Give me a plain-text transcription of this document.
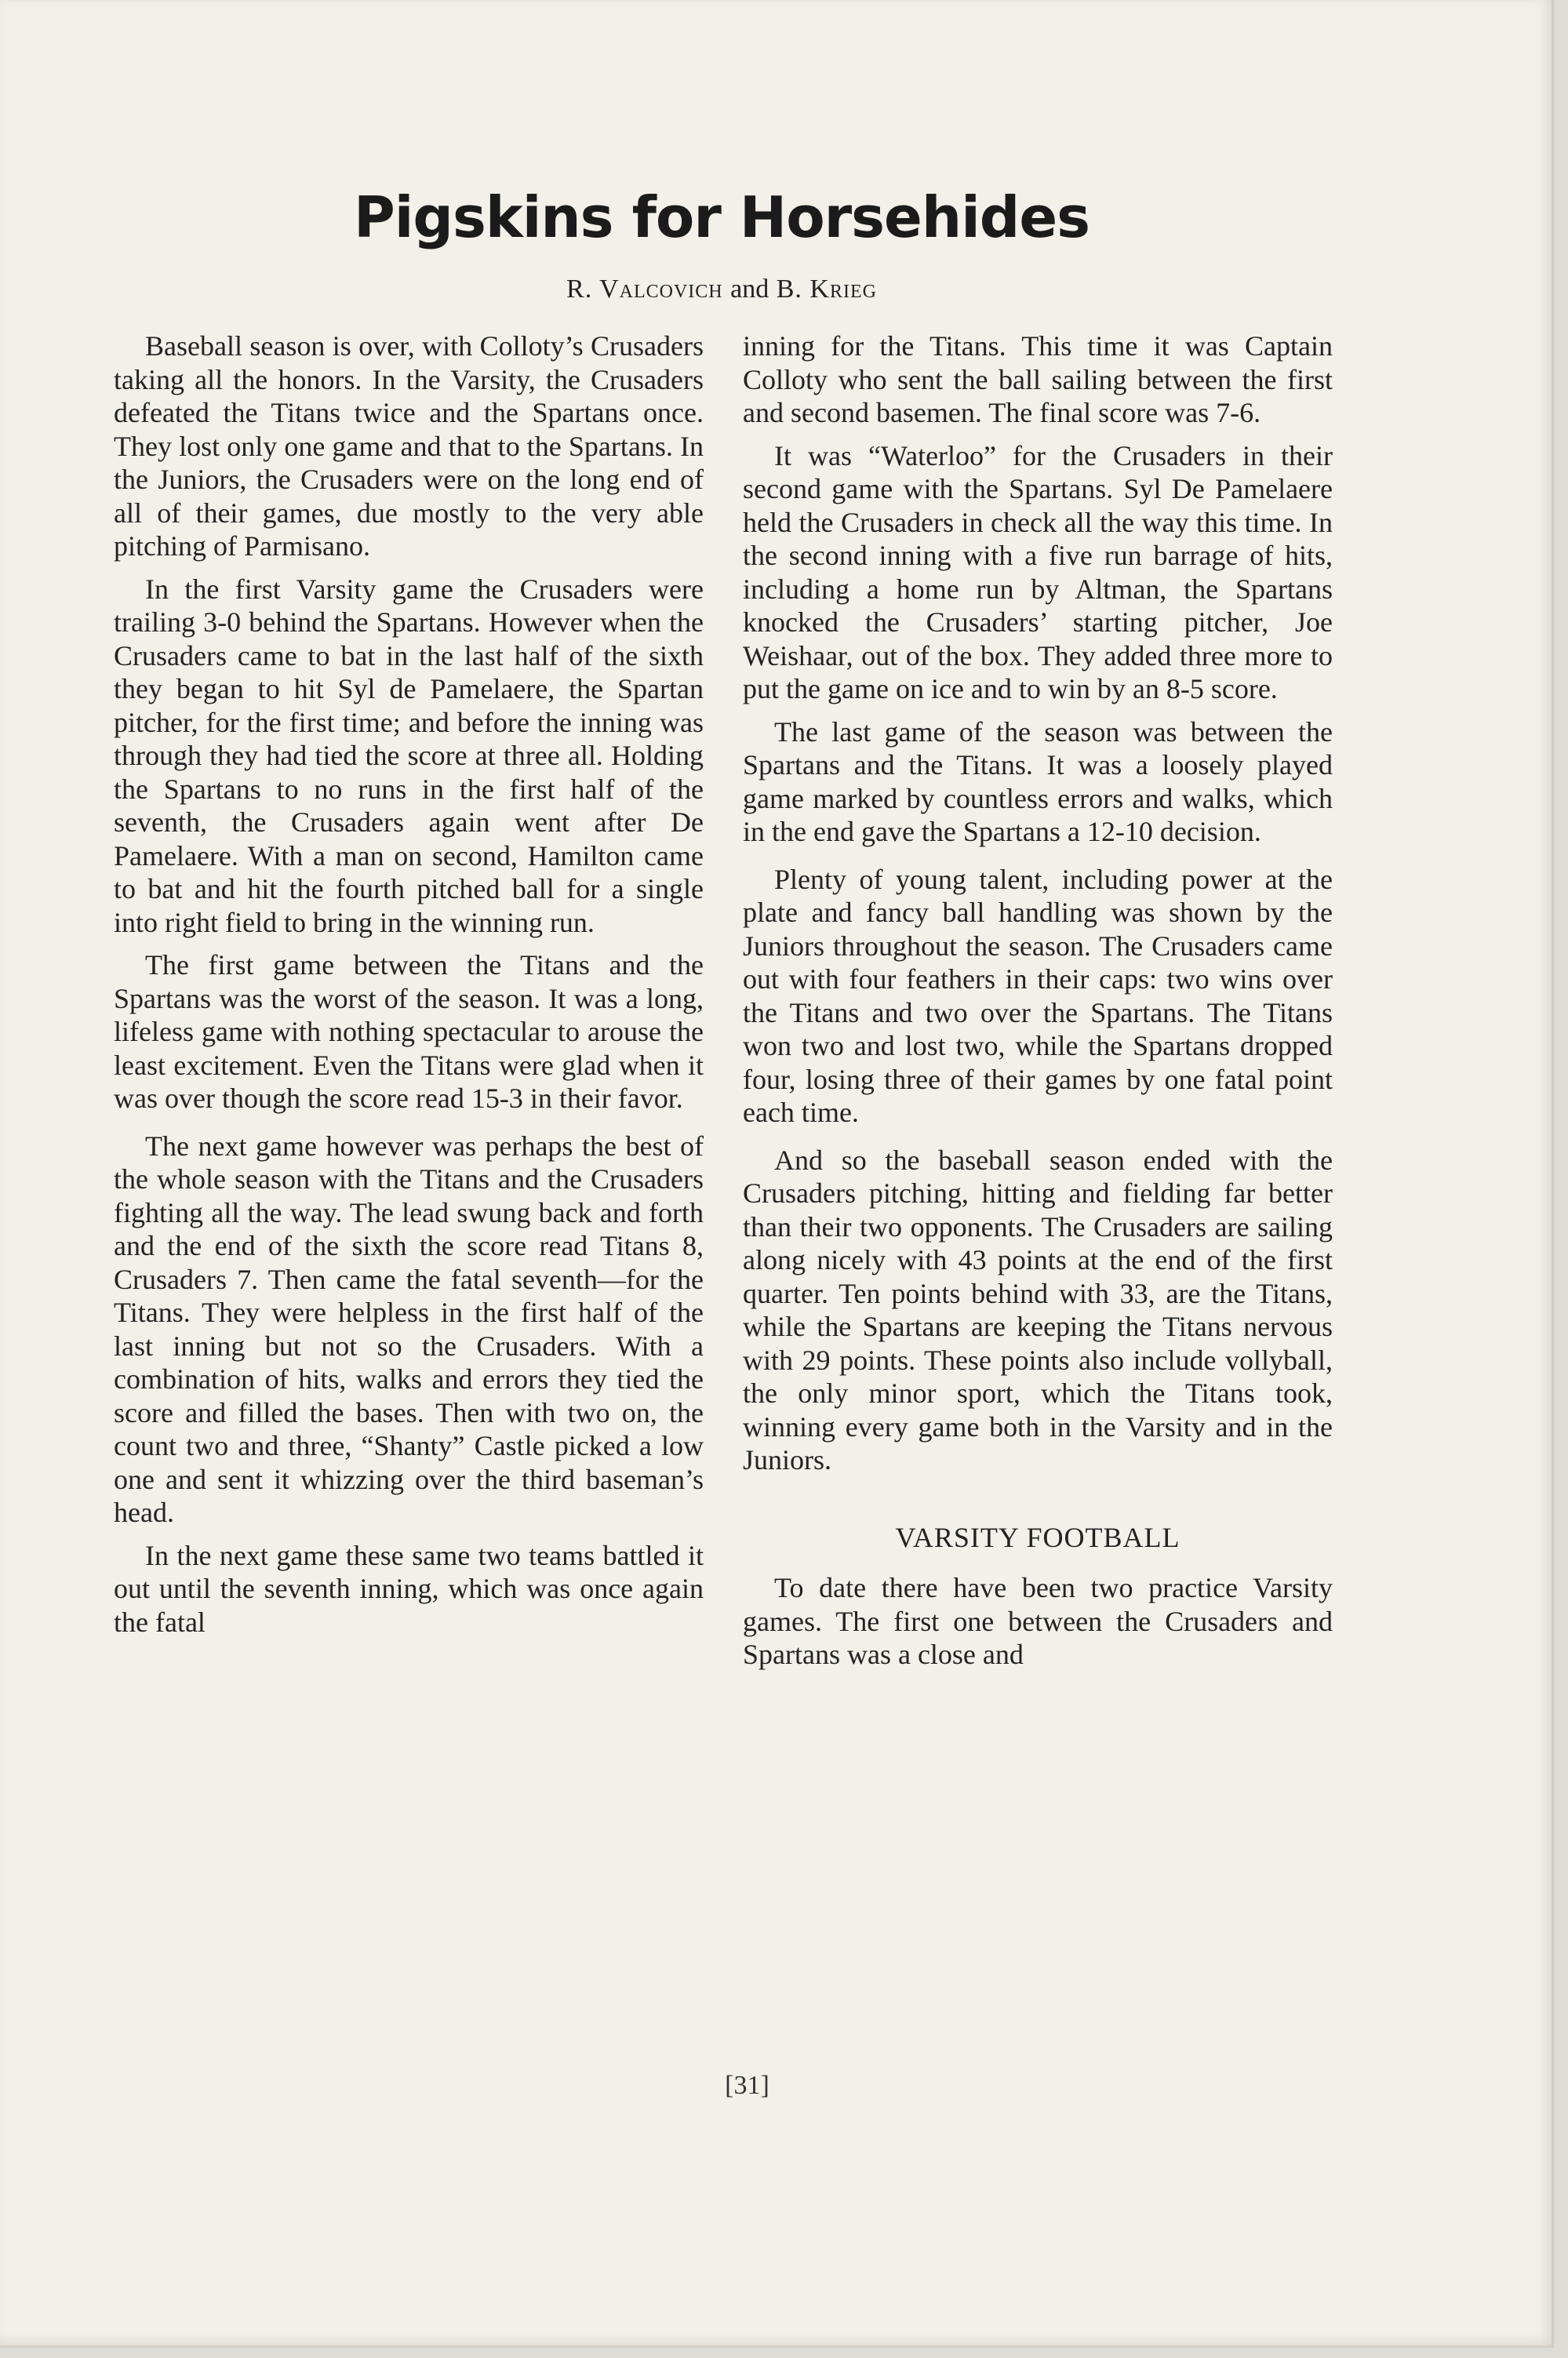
Pigskins for Horsehides
R. Valcovich and B. Krieg

Baseball season is over, with Colloty’s Crusaders taking all the honors. In the Varsity, the Crusaders defeated the Titans twice and the Spartans once. They lost only one game and that to the Spartans. In the Juniors, the Crusaders were on the long end of all of their games, due mostly to the very able pitching of Parmisano.

In the first Varsity game the Crusaders were trailing 3-0 behind the Spartans. However when the Crusaders came to bat in the last half of the sixth they began to hit Syl de Pamelaere, the Spartan pitcher, for the first time; and before the inning was through they had tied the score at three all. Holding the Spartans to no runs in the first half of the seventh, the Crusaders again went after De Pamelaere. With a man on second, Hamilton came to bat and hit the fourth pitched ball for a single into right field to bring in the winning run.

The first game between the Titans and the Spartans was the worst of the season. It was a long, lifeless game with nothing spectacular to arouse the least excitement. Even the Titans were glad when it was over though the score read 15-3 in their favor.

The next game however was perhaps the best of the whole season with the Titans and the Crusaders fighting all the way. The lead swung back and forth and the end of the sixth the score read Titans 8, Crusaders 7. Then came the fatal seventh—for the Titans. They were helpless in the first half of the last inning but not so the Crusaders. With a combination of hits, walks and errors they tied the score and filled the bases. Then with two on, the count two and three, “Shanty” Castle picked a low one and sent it whizzing over the third baseman’s head.

In the next game these same two teams battled it out until the seventh inning, which was once again the fatal

inning for the Titans. This time it was Captain Colloty who sent the ball sailing between the first and second basemen. The final score was 7-6.

It was “Waterloo” for the Crusaders in their second game with the Spartans. Syl De Pamelaere held the Crusaders in check all the way this time. In the second inning with a five run barrage of hits, including a home run by Altman, the Spartans knocked the Crusaders’ starting pitcher, Joe Weishaar, out of the box. They added three more to put the game on ice and to win by an 8-5 score.

The last game of the season was between the Spartans and the Titans. It was a loosely played game marked by countless errors and walks, which in the end gave the Spartans a 12-10 decision.

Plenty of young talent, including power at the plate and fancy ball handling was shown by the Juniors throughout the season. The Crusaders came out with four feathers in their caps: two wins over the Titans and two over the Spartans. The Titans won two and lost two, while the Spartans dropped four, losing three of their games by one fatal point each time.

And so the baseball season ended with the Crusaders pitching, hitting and fielding far better than their two opponents. The Crusaders are sailing along nicely with 43 points at the end of the first quarter. Ten points behind with 33, are the Titans, while the Spartans are keeping the Titans nervous with 29 points. These points also include vollyball, the only minor sport, which the Titans took, winning every game both in the Varsity and in the Juniors.

VARSITY FOOTBALL

To date there have been two practice Varsity games. The first one between the Crusaders and Spartans was a close and

[31]
